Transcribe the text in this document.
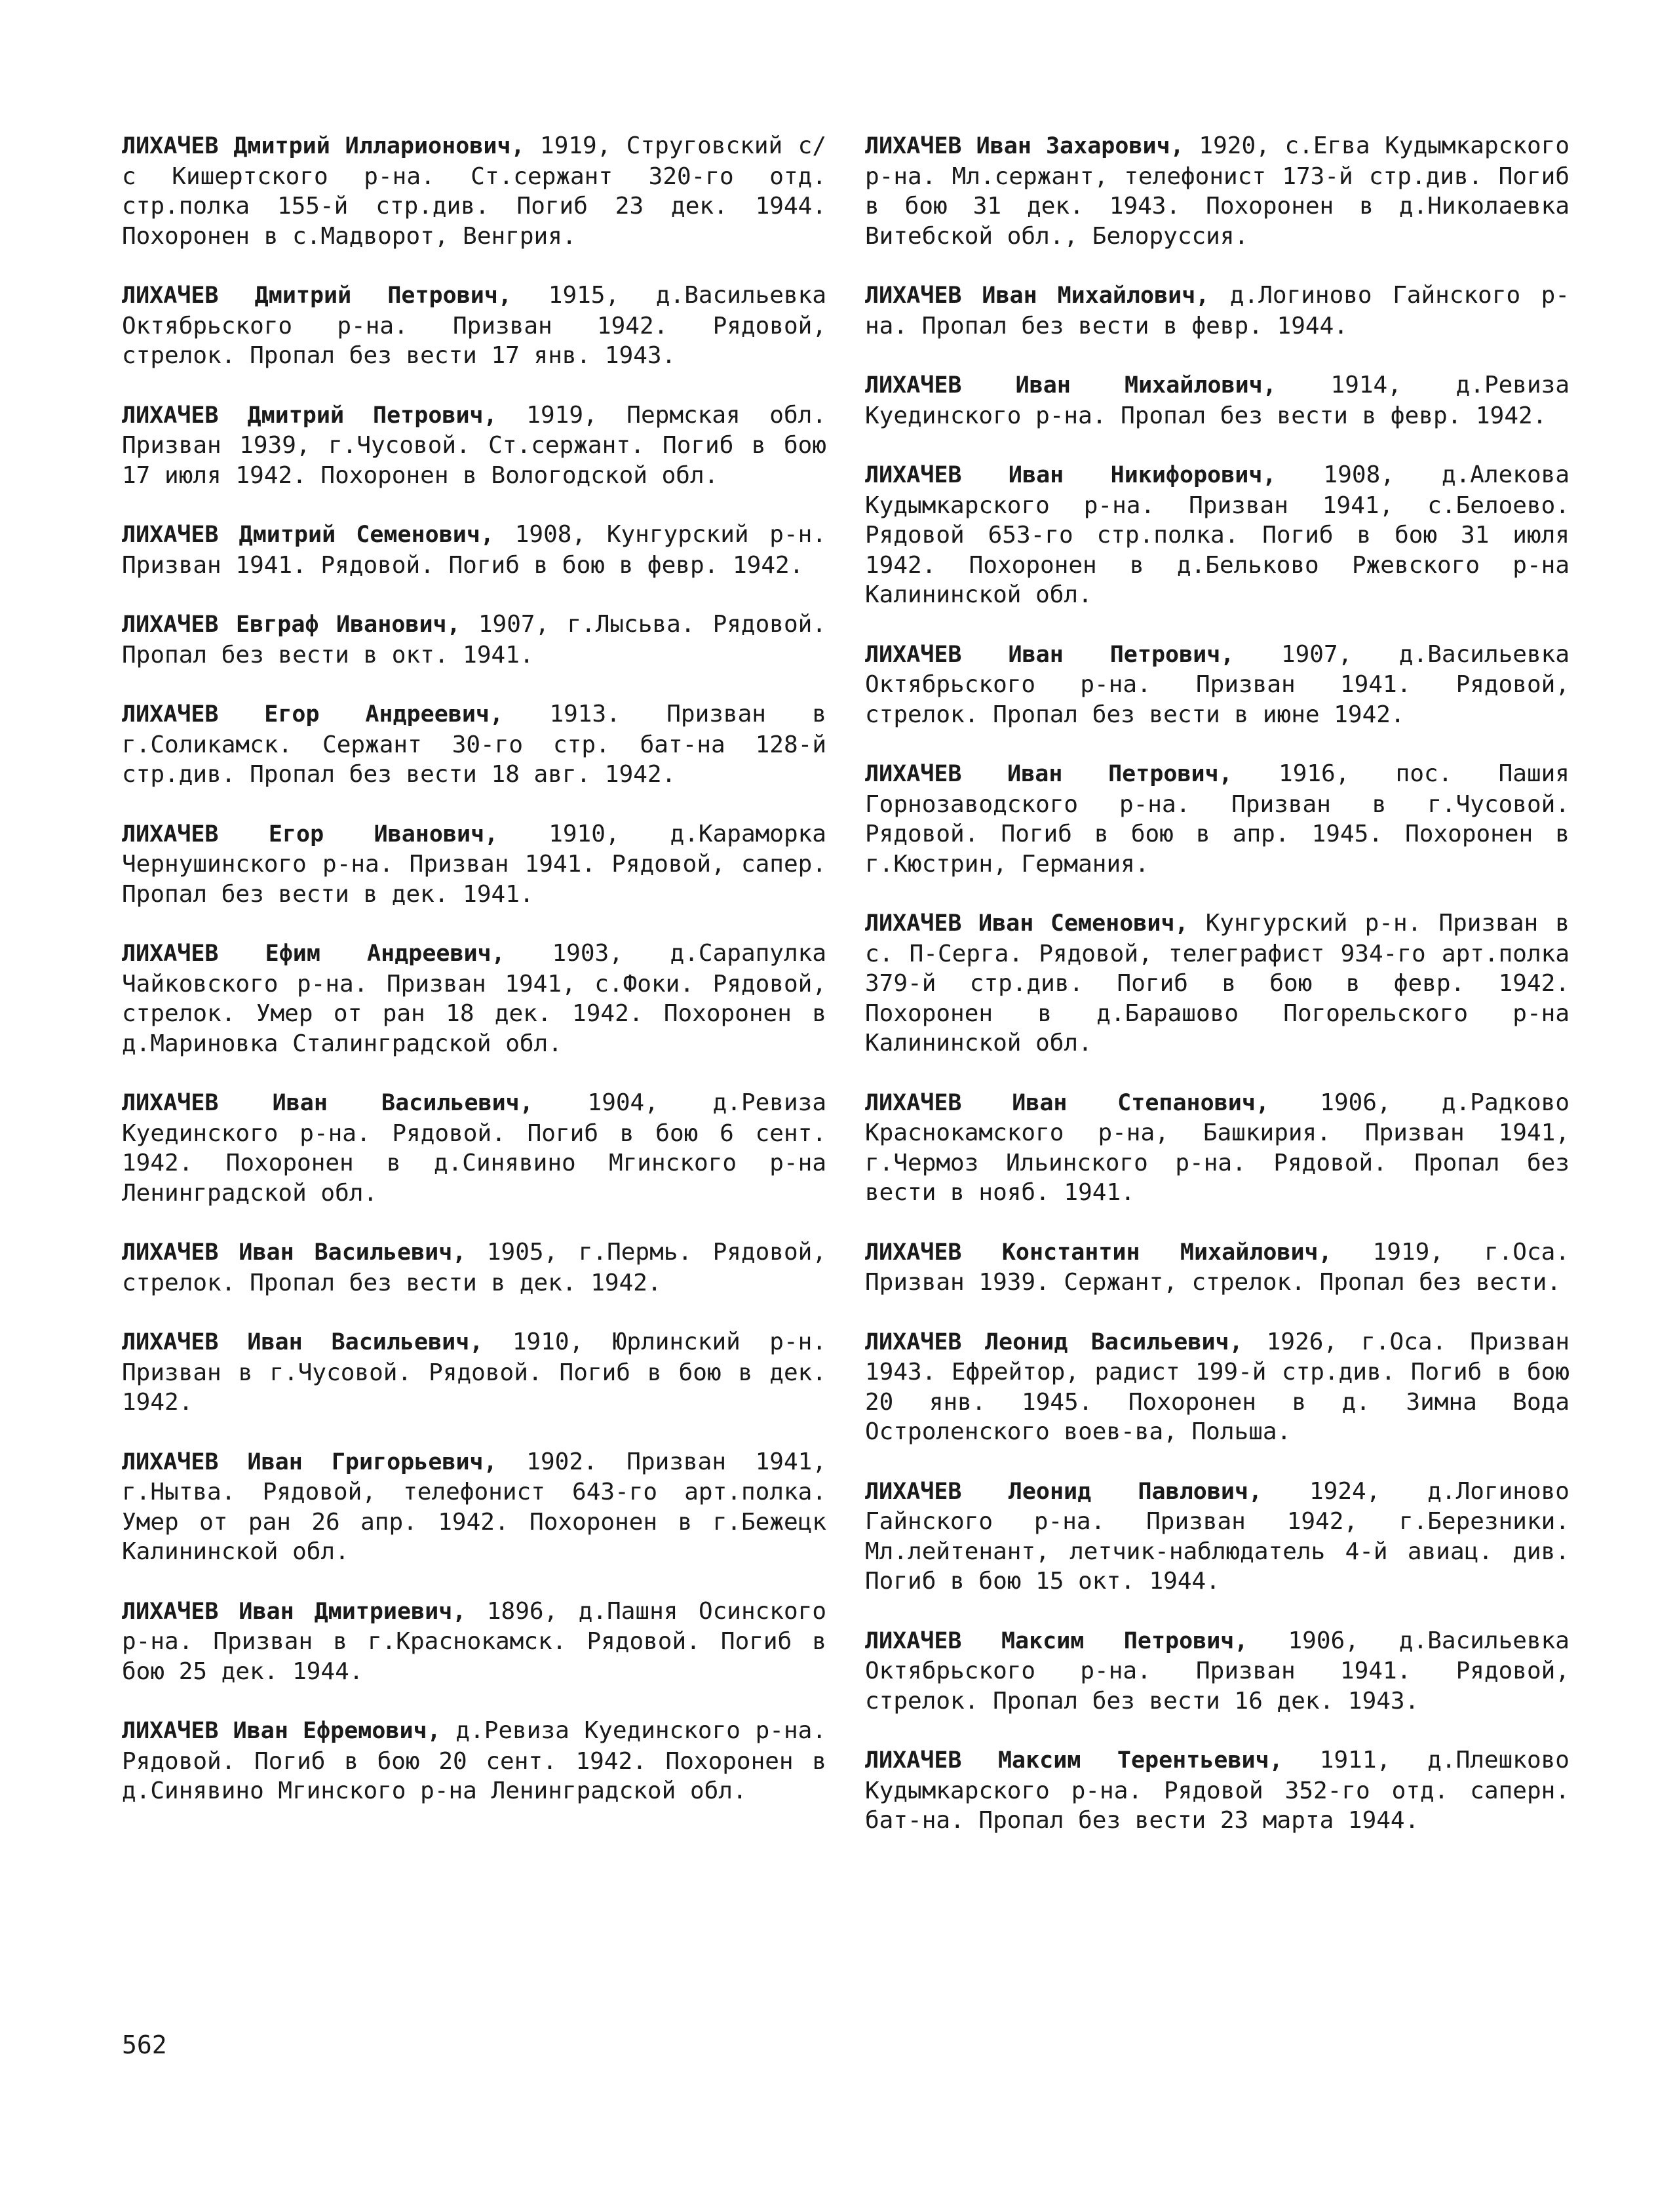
ЛИХАЧЕВ Дмитрий Илларионович, 1919, Струговский с/с Кишертского р-на. Ст.сержант 320-го отд. стр.полка 155-й стр.див. Погиб 23 дек. 1944. Похоронен в с.Мадворот, Венгрия.

ЛИХАЧЕВ Дмитрий Петрович, 1915, д.Васильевка Октябрьского р-на. Призван 1942. Рядовой, стрелок. Пропал без вести 17 янв. 1943.

ЛИХАЧЕВ Дмитрий Петрович, 1919, Пермская обл. Призван 1939, г.Чусовой. Ст.сержант. Погиб в бою 17 июля 1942. Похоронен в Вологодской обл.

ЛИХАЧЕВ Дмитрий Семенович, 1908, Кунгурский р-н. Призван 1941. Рядовой. Погиб в бою в февр. 1942.

ЛИХАЧЕВ Евграф Иванович, 1907, г.Лысьва. Рядовой. Пропал без вести в окт. 1941.

ЛИХАЧЕВ Егор Андреевич, 1913. Призван в г.Соликамск. Сержант 30-го стр. бат-на 128-й стр.див. Пропал без вести 18 авг. 1942.

ЛИХАЧЕВ Егор Иванович, 1910, д.Караморка Чернушинского р-на. Призван 1941. Рядовой, сапер. Пропал без вести в дек. 1941.

ЛИХАЧЕВ Ефим Андреевич, 1903, д.Сарапулка Чайковского р-на. Призван 1941, с.Фоки. Рядовой, стрелок. Умер от ран 18 дек. 1942. Похоронен в д.Мариновка Сталинградской обл.

ЛИХАЧЕВ Иван Васильевич, 1904, д.Ревиза Куединского р-на. Рядовой. Погиб в бою 6 сент. 1942. Похоронен в д.Синявино Мгинского р-на Ленинградской обл.

ЛИХАЧЕВ Иван Васильевич, 1905, г.Пермь. Рядовой, стрелок. Пропал без вести в дек. 1942.

ЛИХАЧЕВ Иван Васильевич, 1910, Юрлинский р-н. Призван в г.Чусовой. Рядовой. Погиб в бою в дек. 1942.

ЛИХАЧЕВ Иван Григорьевич, 1902. Призван 1941, г.Нытва. Рядовой, телефонист 643-го арт.полка. Умер от ран 26 апр. 1942. Похоронен в г.Бежецк Калининской обл.

ЛИХАЧЕВ Иван Дмитриевич, 1896, д.Пашня Осинского р-на. Призван в г.Краснокамск. Рядовой. Погиб в бою 25 дек. 1944.

ЛИХАЧЕВ Иван Ефремович, д.Ревиза Куединского р-на. Рядовой. Погиб в бою 20 сент. 1942. Похоронен в д.Синявино Мгинского р-на Ленинградской обл.

ЛИХАЧЕВ Иван Захарович, 1920, с.Егва Кудымкарского р-на. Мл.сержант, телефонист 173-й стр.див. Погиб в бою 31 дек. 1943. Похоронен в д.Николаевка Витебской обл., Белоруссия.

ЛИХАЧЕВ Иван Михайлович, д.Логиново Гайнского р-на. Пропал без вести в февр. 1944.

ЛИХАЧЕВ Иван Михайлович, 1914, д.Ревиза Куединского р-на. Пропал без вести в февр. 1942.

ЛИХАЧЕВ Иван Никифорович, 1908, д.Алекова Кудымкарского р-на. Призван 1941, с.Белоево. Рядовой 653-го стр.полка. Погиб в бою 31 июля 1942. Похоронен в д.Бельково Ржевского р-на Калининской обл.

ЛИХАЧЕВ Иван Петрович, 1907, д.Васильевка Октябрьского р-на. Призван 1941. Рядовой, стрелок. Пропал без вести в июне 1942.

ЛИХАЧЕВ Иван Петрович, 1916, пос. Пашия Горнозаводского р-на. Призван в г.Чусовой. Рядовой. Погиб в бою в апр. 1945. Похоронен в г.Кюстрин, Германия.

ЛИХАЧЕВ Иван Семенович, Кунгурский р-н. Призван в с. П-Серга. Рядовой, телеграфист 934-го арт.полка 379-й стр.див. Погиб в бою в февр. 1942. Похоронен в д.Барашово Погорельского р-на Калининской обл.

ЛИХАЧЕВ Иван Степанович, 1906, д.Радково Краснокамского р-на, Башкирия. Призван 1941, г.Чермоз Ильинского р-на. Рядовой. Пропал без вести в нояб. 1941.

ЛИХАЧЕВ Константин Михайлович, 1919, г.Оса. Призван 1939. Сержант, стрелок. Пропал без вести.

ЛИХАЧЕВ Леонид Васильевич, 1926, г.Оса. Призван 1943. Ефрейтор, радист 199-й стр.див. Погиб в бою 20 янв. 1945. Похоронен в д. Зимна Вода Остроленского воев-ва, Польша.

ЛИХАЧЕВ Леонид Павлович, 1924, д.Логиново Гайнского р-на. Призван 1942, г.Березники. Мл.лейтенант, летчик-наблюдатель 4-й авиац. див. Погиб в бою 15 окт. 1944.

ЛИХАЧЕВ Максим Петрович, 1906, д.Васильевка Октябрьского р-на. Призван 1941. Рядовой, стрелок. Пропал без вести 16 дек. 1943.

ЛИХАЧЕВ Максим Терентьевич, 1911, д.Плешково Кудымкарского р-на. Рядовой 352-го отд. саперн. бат-на. Пропал без вести 23 марта 1944.

562
